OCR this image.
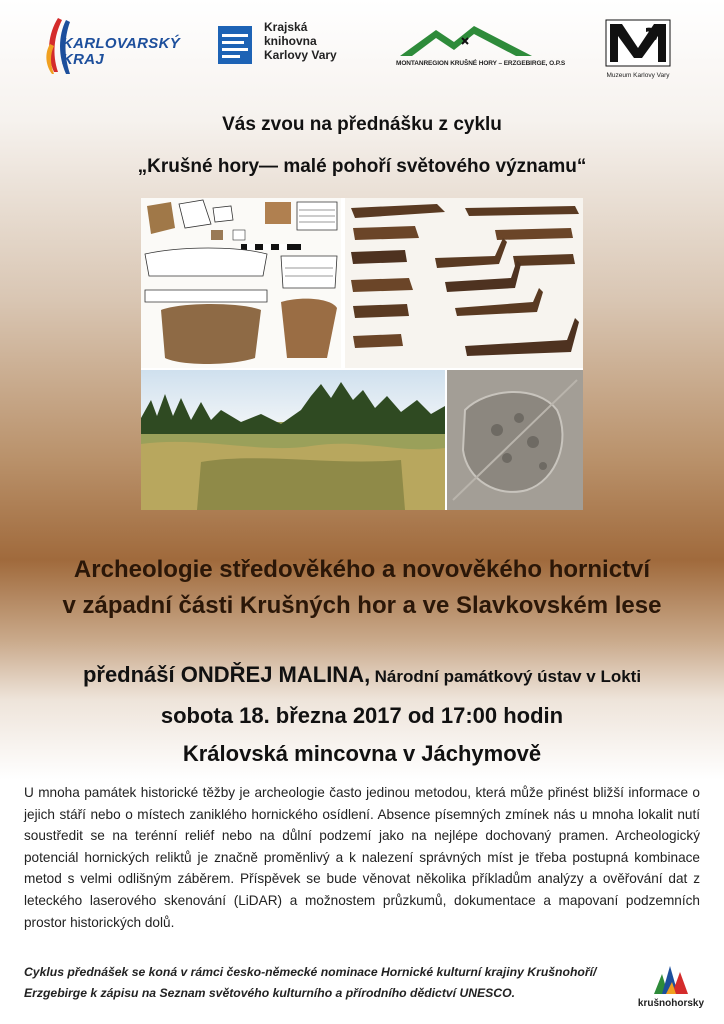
KARLOVARSKÝ
KRAJ
Krajská
knihovna
Karlovy Vary
MONTANREGION KRUŠNÉ HORY – ERZGEBIRGE, O.P.S
Muzeum Karlovy Vary
Vás zvou na přednášku z cyklu
„Krušné hory— malé pohoří světového významu“
Archeologie středověkého a novověkého hornictví
v západní části Krušných hor a ve Slavkovském lese
přednáší ONDŘEJ MALINA, Národní památkový ústav v Lokti
sobota 18. března 2017 od 17:00 hodin
Královská mincovna v Jáchymově
U mnoha památek historické těžby je archeologie často jedinou metodou, která může přinést bližší informace o jejich stáří nebo o místech zaniklého hornického osídlení. Absence písemných zmínek nás u mnoha lokalit nutí soustředit se na terénní reliéf nebo na důlní podzemí jako na nejlépe dochovaný pramen. Archeologický potenciál hornických reliktů je značně proměnlivý a k nalezení správných míst je třeba postupná kombinace metod s velmi odlišným záběrem. Příspěvek se bude věnovat několika příkladům analýzy a ověřování dat z leteckého laserového skenování (LiDAR) a možnostem průzkumů, dokumentace a mapovaní podzemních prostor historických dolů.
Cyklus přednášek se koná v rámci česko-německé nominace Hornické kulturní krajiny Krušnohoří/ Erzgebirge k zápisu na Seznam světového kulturního a přírodního dědictví UNESCO.
krušnohorsky
